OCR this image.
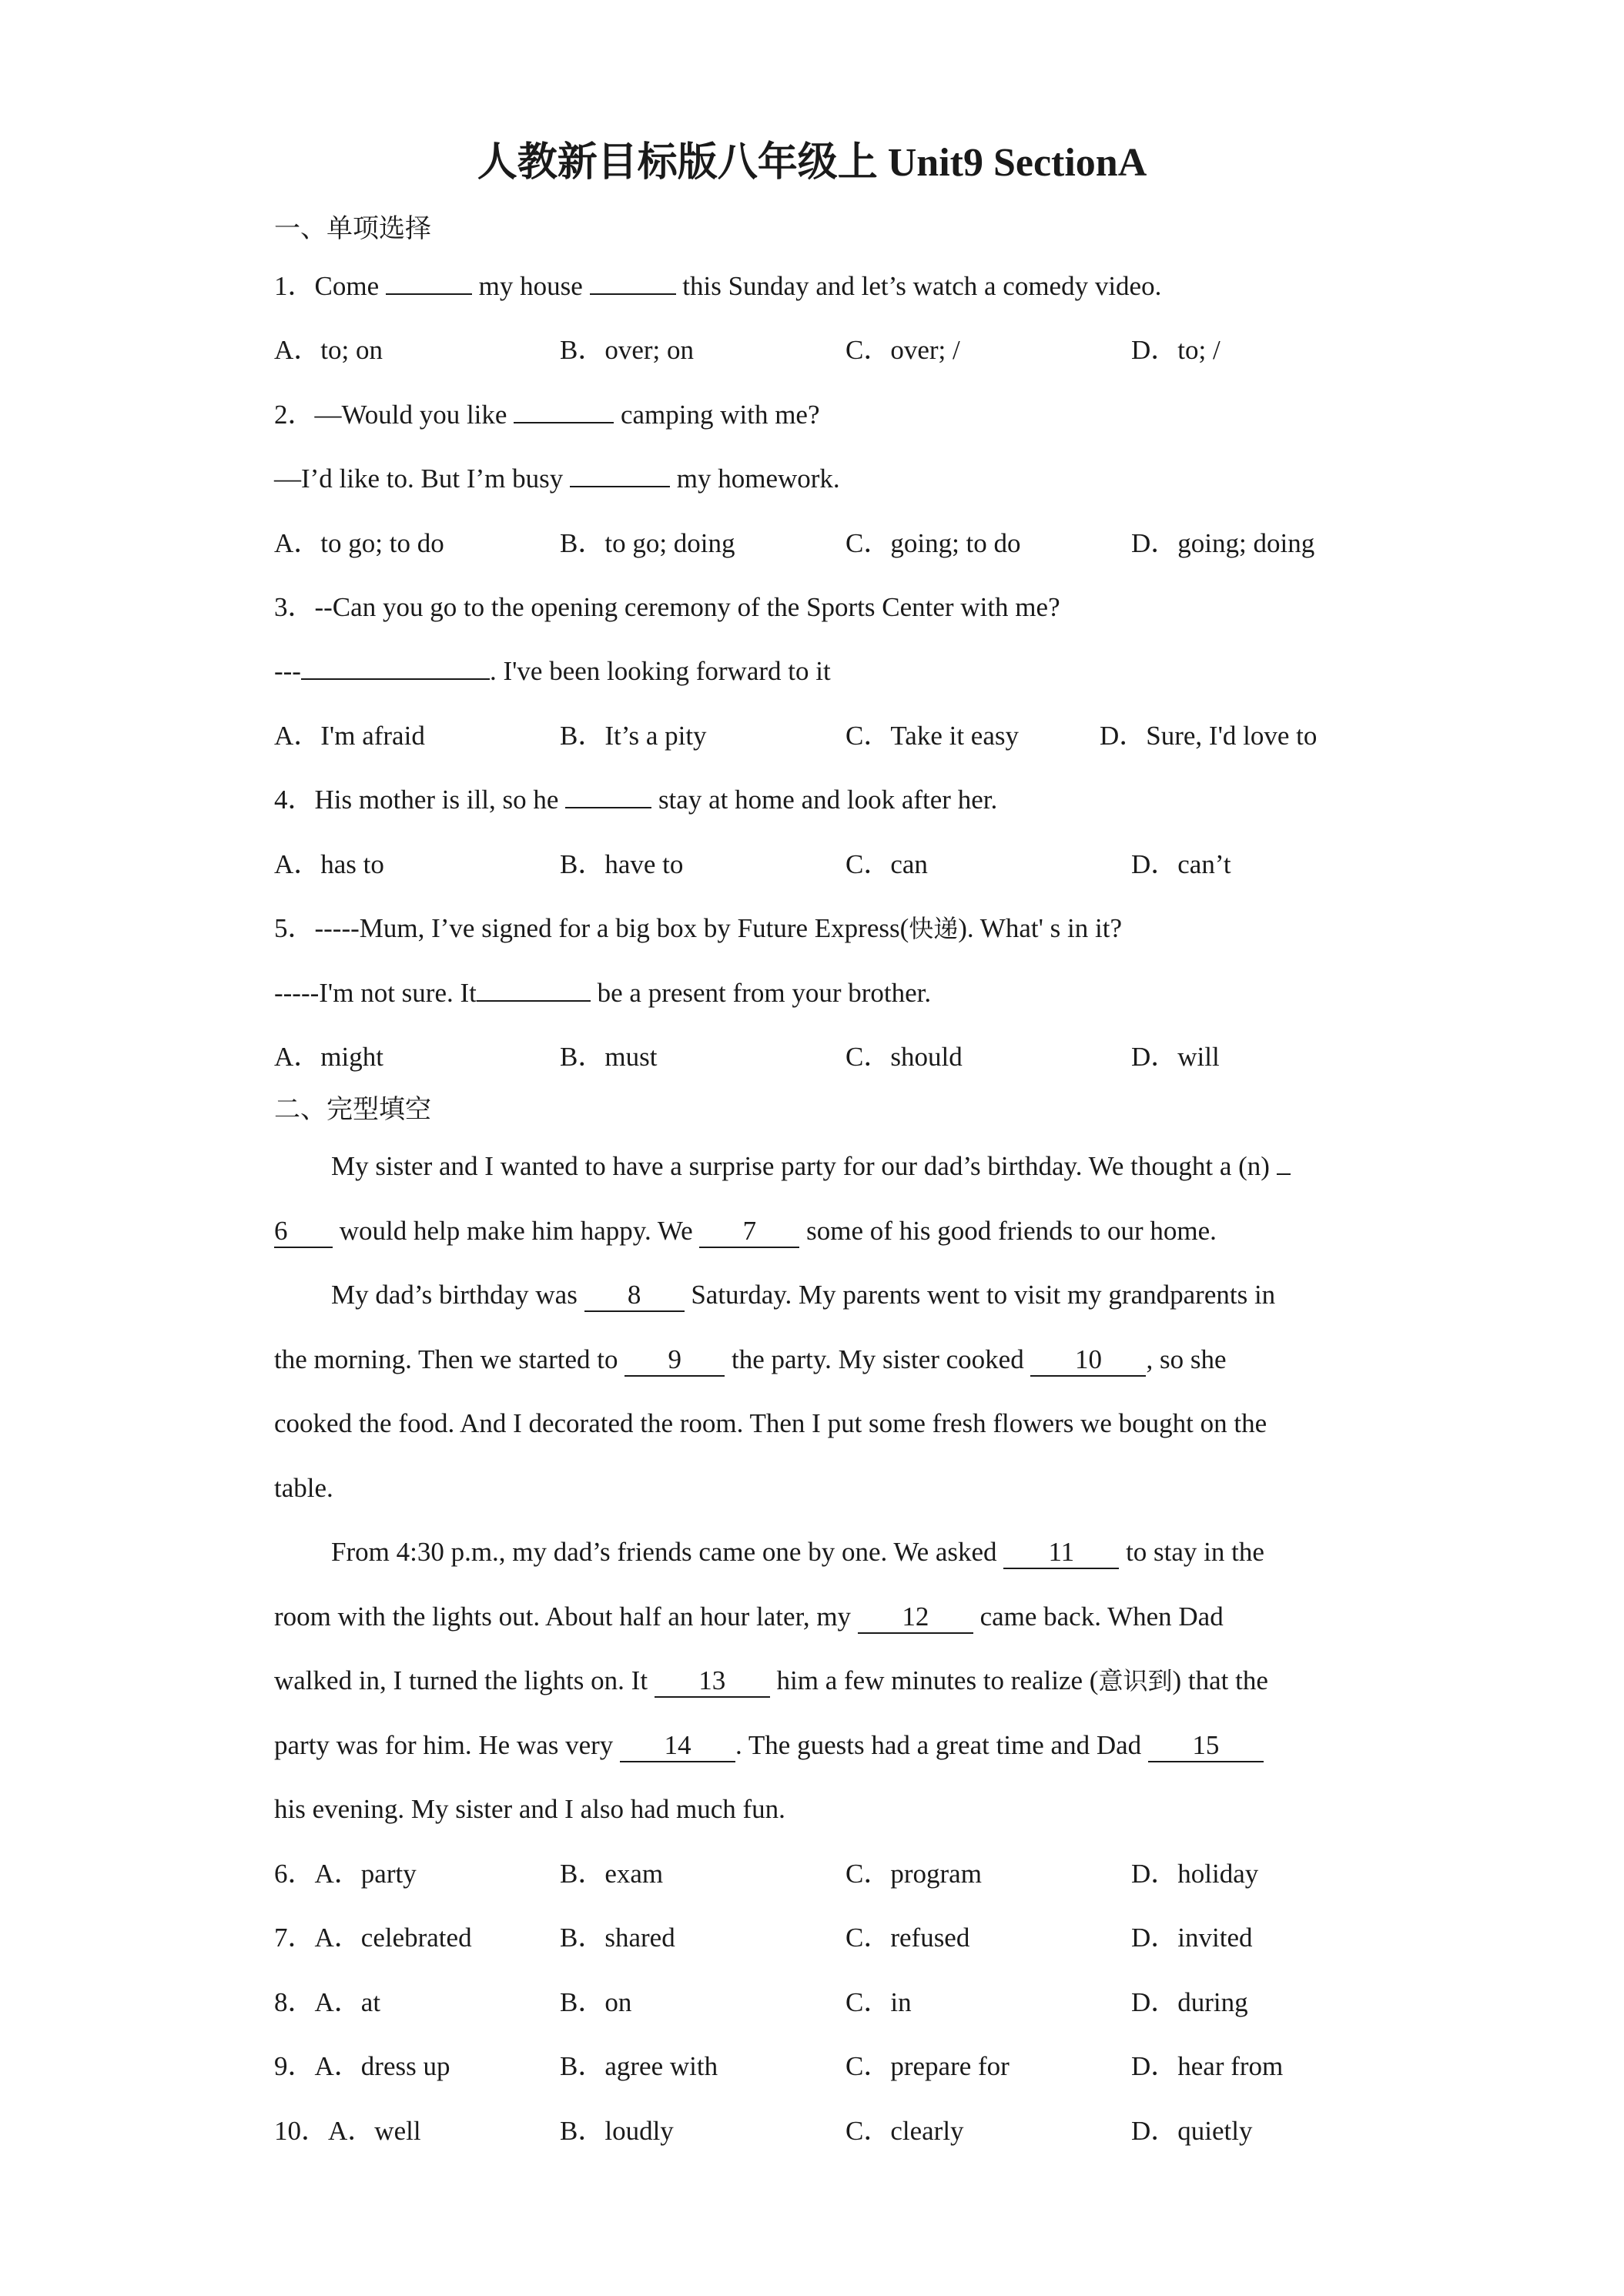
人教新目标版八年级上 Unit9 SectionA
一、单项选择
1．Come	my house	this Sunday and let’s watch a comedy video.
A．to; on	B．over; on	C．over; /	D．to; /
2．—Would you like	camping with me?
—I’d like to. But I’m busy	my homework.
A．to go; to do	B．to go; doing	C．going; to do	D．going; doing
3．--Can you go to the opening ceremony of the Sports Center with me?
---	. I've been looking forward to it
A．I'm afraid	B．It’s a pity	C．Take it easy	D．Sure, I'd love to
4．His mother is ill, so he	stay at home and look after her.
A．has to	B．have to	C．can	D．can’t
5．-----Mum, I’ve signed for a big box by Future Express(快递). What' s in it?
-----I'm not sure. It	be a present from your brother.
A．might	B．must	C．should	D．will
二、完型填空
My sister and I wanted to have a surprise party for our dad’s birthday. We thought a (n)
6 would help make him happy. We 7 some of his good friends to our home.
My dad’s birthday was 8 Saturday. My parents went to visit my grandparents in
the morning. Then we started to 9 the party. My sister cooked 10 , so she
cooked the food. And I decorated the room. Then I put some fresh flowers we bought on the
table.
From 4:30 p.m., my dad’s friends came one by one. We asked 11 to stay in the
room with the lights out. About half an hour later, my 12 came back. When Dad
walked in, I turned the lights on. It 13 him a few minutes to realize (意识到) that the
party was for him. He was very 14 . The guests had a great time and Dad 15
his evening. My sister and I also had much fun.
6．A．party	B．exam	C．program	D．holiday
7．A．celebrated	B．shared	C．refused	D．invited
8．A．at	B．on	C．in	D．during
9．A．dress up	B．agree with	C．prepare for	D．hear from
10．A．well	B．loudly	C．clearly	D．quietly
